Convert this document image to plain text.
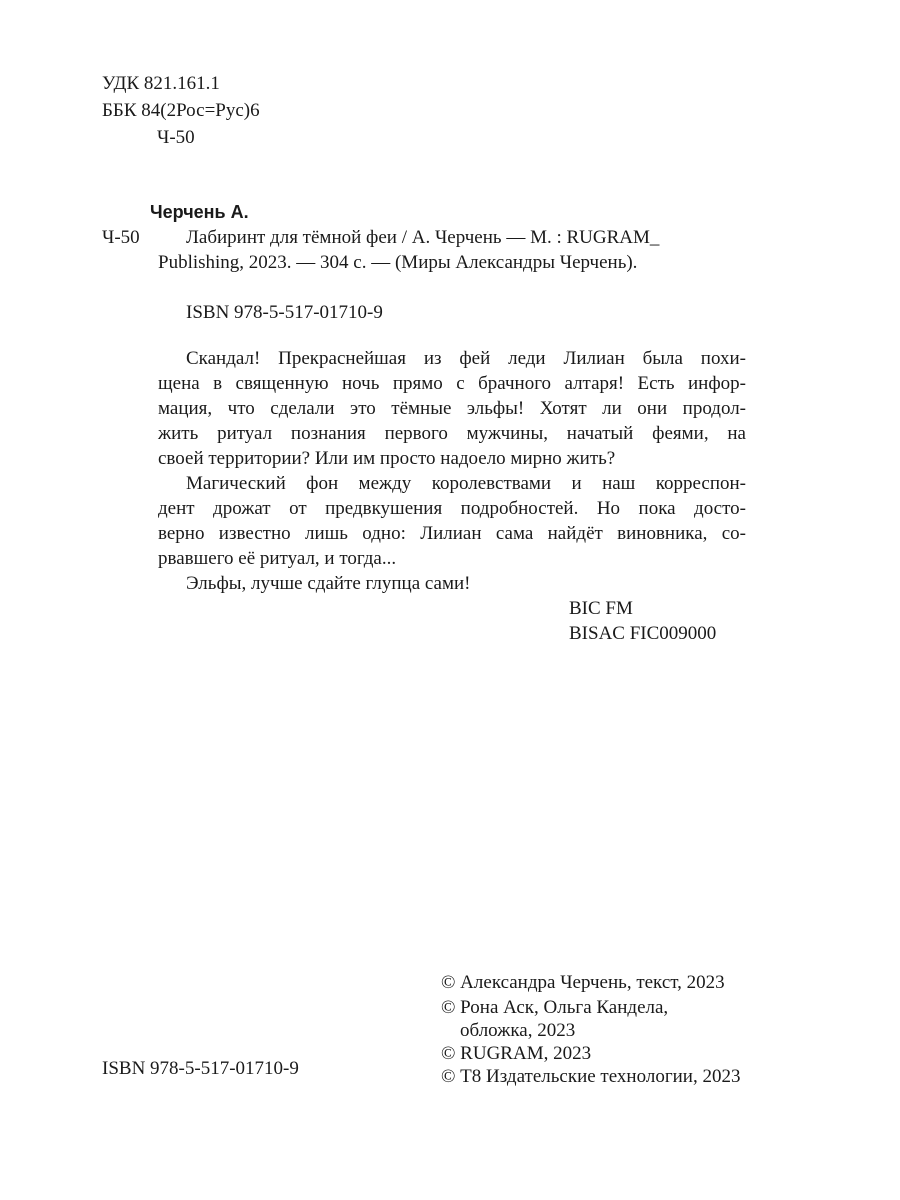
УДК 821.161.1
ББК 84(2Рос=Рус)6
Ч-50
Черчень А.
Ч-50 Лабиринт для тёмной феи / А. Черчень — М. : RUGRAM_
Publishing, 2023. — 304 с. — (Миры Александры Черчень).
ISBN 978-5-517-01710-9
Скандал! Прекраснейшая из фей леди Лилиан была похи-
щена в священную ночь прямо с брачного алтаря! Есть инфор-
мация, что сделали это тёмные эльфы! Хотят ли они продол-
жить ритуал познания первого мужчины, начатый феями, на
своей территории? Или им просто надоело мирно жить?
Магический фон между королевствами и наш корреспон-
дент дрожат от предвкушения подробностей. Но пока досто-
верно известно лишь одно: Лилиан сама найдёт виновника, со-
рвавшего её ритуал, и тогда...
Эльфы, лучше сдайте глупца сами!
BIC FM
BISAC FIC009000
ISBN 978-5-517-01710-9
© Александра Черчень, текст, 2023
© Рона Аск, Ольга Кандела,
обложка, 2023
© RUGRAM, 2023
© Т8 Издательские технологии, 2023
